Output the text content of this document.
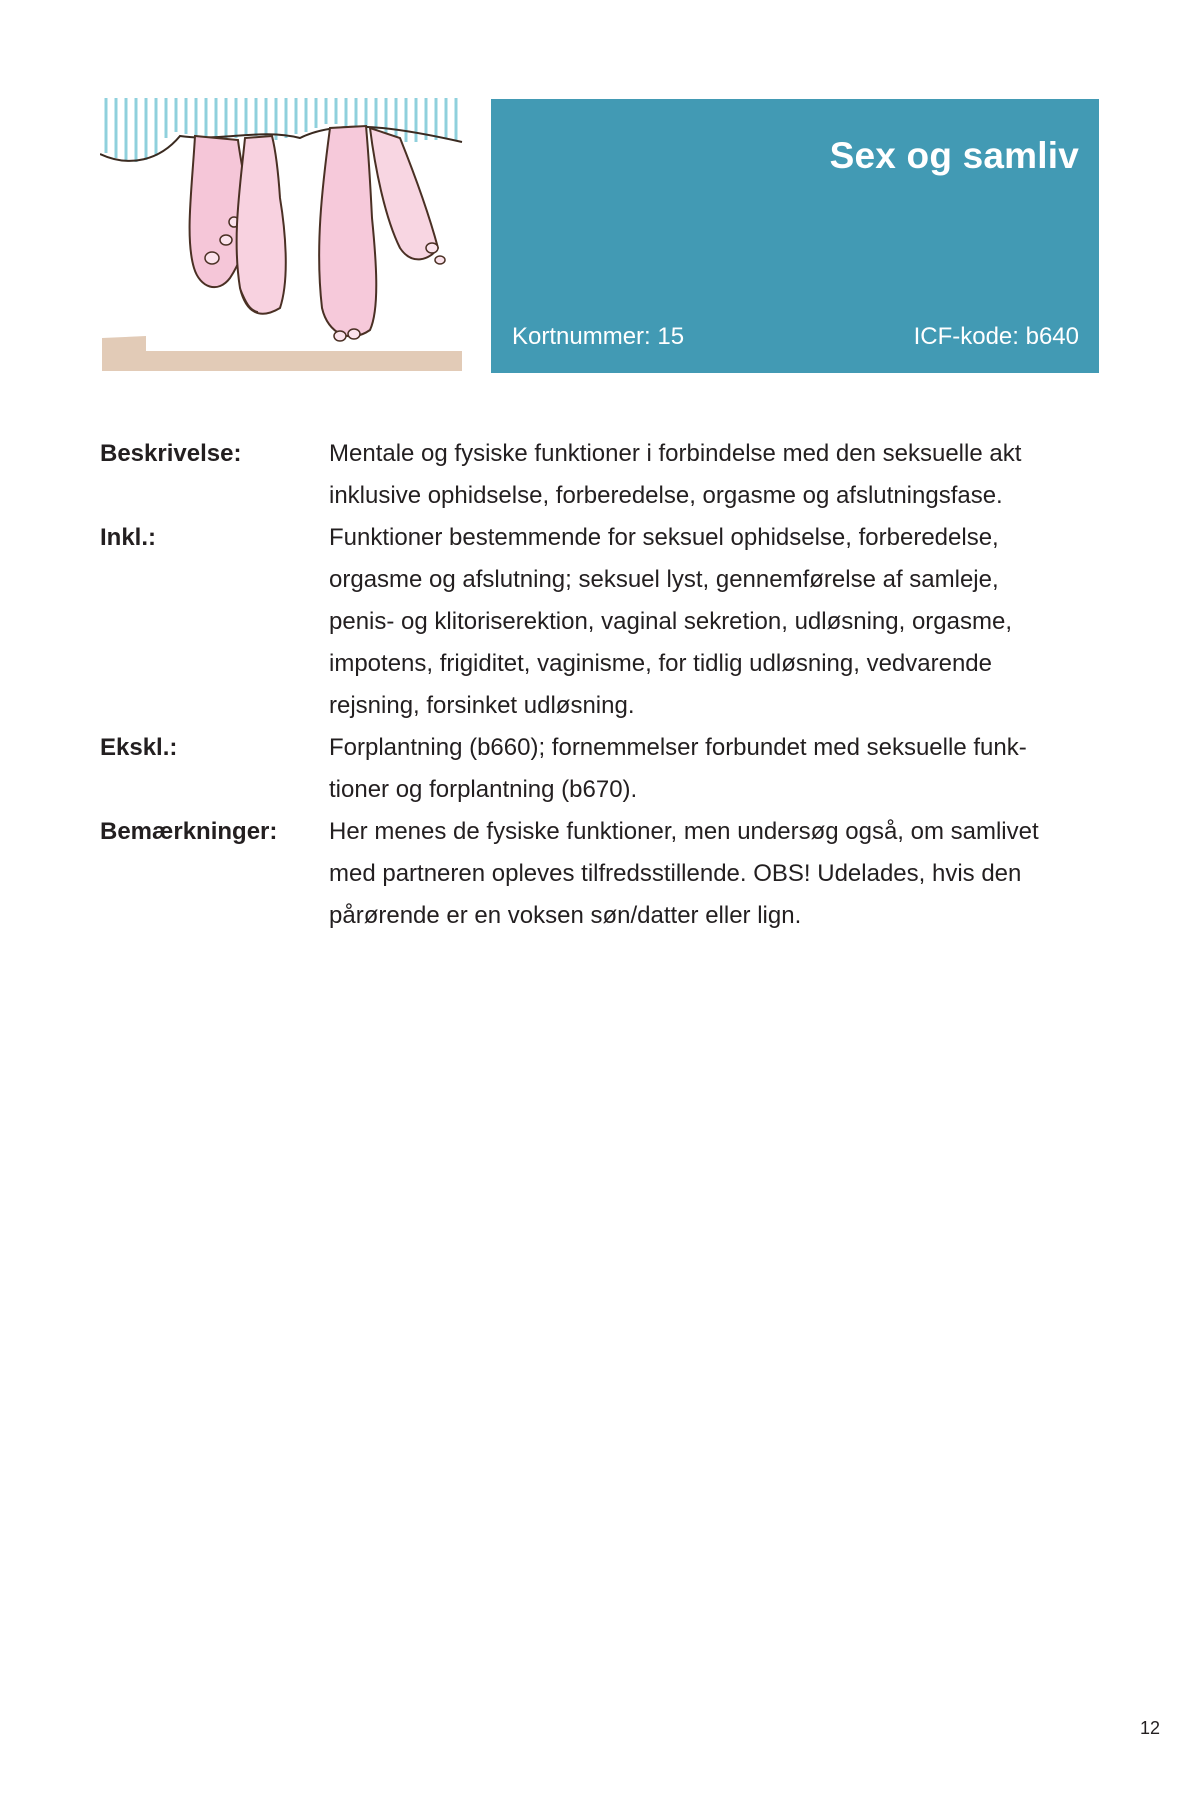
Sex og samliv
Kortnummer: 15	ICF-kode: b640
Beskrivelse:	Mentale og fysiske funktioner i forbindelse med den seksuelle akt
inklusive ophidselse, forberedelse, orgasme og afslutningsfase.
Inkl.:	Funktioner bestemmende for seksuel ophidselse, forberedelse,
orgasme og afslutning; seksuel lyst, gennemførelse af samleje,
penis- og klitoriserektion, vaginal sekretion, udløsning, orgasme,
impotens, frigiditet, vaginisme, for tidlig udløsning, vedvarende
rejsning, forsinket udløsning.
Ekskl.:	Forplantning (b660); fornemmelser forbundet med seksuelle funk-
tioner og forplantning (b670).
Bemærkninger:	Her menes de fysiske funktioner, men undersøg også, om samlivet
med partneren opleves tilfredsstillende. OBS! Udelades, hvis den
pårørende er en voksen søn/datter eller lign.
12
